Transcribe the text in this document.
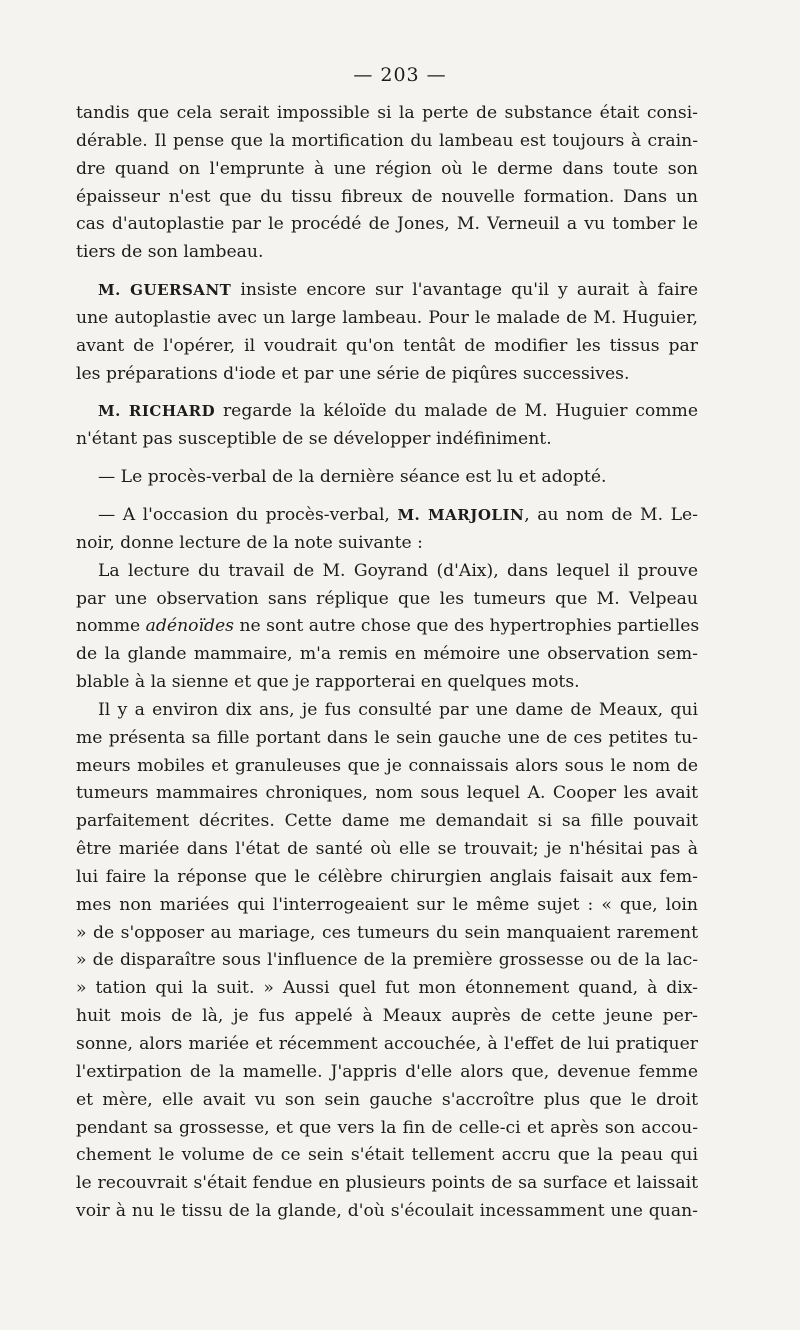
— 203 —
tandis que cela serait impossible si la perte de substance était consi-
dérable. Il pense que la mortification du lambeau est toujours à crain-
dre quand on l'emprunte à une région où le derme dans toute son
épaisseur n'est que du tissu fibreux de nouvelle formation. Dans un
cas d'autoplastie par le procédé de Jones, M. Verneuil a vu tomber le
tiers de son lambeau.
M. GUERSANT insiste encore sur l'avantage qu'il y aurait à faire
une autoplastie avec un large lambeau. Pour le malade de M. Huguier,
avant de l'opérer, il voudrait qu'on tentât de modifier les tissus par
les préparations d'iode et par une série de piqûres successives.
M. RICHARD regarde la kéloïde du malade de M. Huguier comme
n'étant pas susceptible de se développer indéfiniment.
— Le procès-verbal de la dernière séance est lu et adopté.
— A l'occasion du procès-verbal, M. MARJOLIN, au nom de M. Le-
noir, donne lecture de la note suivante :
La lecture du travail de M. Goyrand (d'Aix), dans lequel il prouve
par une observation sans réplique que les tumeurs que M. Velpeau
nomme adénoïdes ne sont autre chose que des hypertrophies partielles
de la glande mammaire, m'a remis en mémoire une observation sem-
blable à la sienne et que je rapporterai en quelques mots.
Il y a environ dix ans, je fus consulté par une dame de Meaux, qui
me présenta sa fille portant dans le sein gauche une de ces petites tu-
meurs mobiles et granuleuses que je connaissais alors sous le nom de
tumeurs mammaires chroniques, nom sous lequel A. Cooper les avait
parfaitement décrites. Cette dame me demandait si sa fille pouvait
être mariée dans l'état de santé où elle se trouvait; je n'hésitai pas à
lui faire la réponse que le célèbre chirurgien anglais faisait aux fem-
mes non mariées qui l'interrogeaient sur le même sujet : « que, loin
» de s'opposer au mariage, ces tumeurs du sein manquaient rarement
» de disparaître sous l'influence de la première grossesse ou de la lac-
» tation qui la suit. » Aussi quel fut mon étonnement quand, à dix-
huit mois de là, je fus appelé à Meaux auprès de cette jeune per-
sonne, alors mariée et récemment accouchée, à l'effet de lui pratiquer
l'extirpation de la mamelle. J'appris d'elle alors que, devenue femme
et mère, elle avait vu son sein gauche s'accroître plus que le droit
pendant sa grossesse, et que vers la fin de celle-ci et après son accou-
chement le volume de ce sein s'était tellement accru que la peau qui
le recouvrait s'était fendue en plusieurs points de sa surface et laissait
voir à nu le tissu de la glande, d'où s'écoulait incessamment une quan-
